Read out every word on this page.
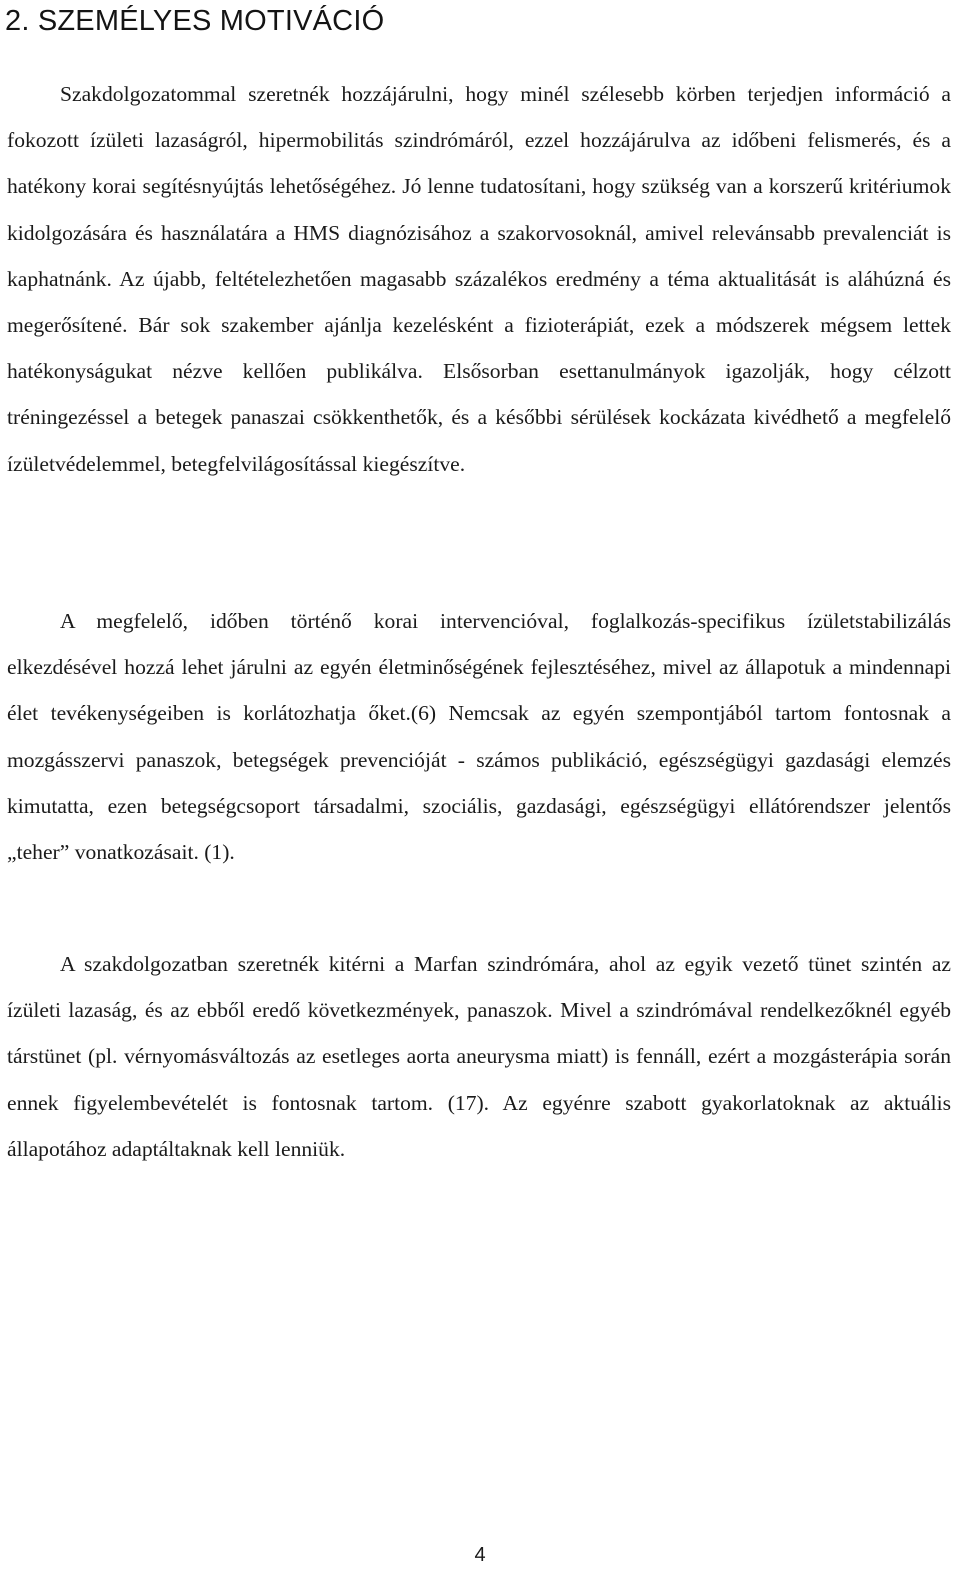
2. SZEMÉLYES MOTIVÁCIÓ

Szakdolgozatommal szeretnék hozzájárulni, hogy minél szélesebb körben terjedjen információ a fokozott ízületi lazaságról, hipermobilitás szindrómáról, ezzel hozzájárulva az időbeni felismerés, és a hatékony korai segítésnyújtás lehetőségéhez. Jó lenne tudatosítani, hogy szükség van a korszerű kritériumok kidolgozására és használatára a HMS diagnózisához a szakorvosoknál, amivel relevánsabb prevalenciát is kaphatnánk. Az újabb, feltételezhetően magasabb százalékos eredmény a téma aktualitását is aláhúzná és megerősítené. Bár sok szakember ajánlja kezelésként a fizioterápiát, ezek a módszerek mégsem lettek hatékonyságukat nézve kellően publikálva. Elsősorban esettanulmányok igazolják, hogy célzott tréningezéssel a betegek panaszai csökkenthetők, és a későbbi sérülések kockázata kivédhető a megfelelő ízületvédelemmel, betegfelvilágosítással kiegészítve.

A megfelelő, időben történő korai intervencióval, foglalkozás-specifikus ízületstabilizálás elkezdésével hozzá lehet járulni az egyén életminőségének fejlesztéséhez, mivel az állapotuk a mindennapi élet tevékenységeiben is korlátozhatja őket.(6) Nemcsak az egyén szempontjából tartom fontosnak a mozgásszervi panaszok, betegségek prevencióját - számos publikáció, egészségügyi gazdasági elemzés kimutatta, ezen betegségcsoport társadalmi, szociális, gazdasági, egészségügyi ellátórendszer jelentős „teher” vonatkozásait. (1).

A szakdolgozatban szeretnék kitérni a Marfan szindrómára, ahol az egyik vezető tünet szintén az ízületi lazaság, és az ebből eredő következmények, panaszok. Mivel a szindrómával rendelkezőknél egyéb társtünet (pl. vérnyomásváltozás az esetleges aorta aneurysma miatt) is fennáll, ezért a mozgásterápia során ennek figyelembevételét is fontosnak tartom. (17). Az egyénre szabott gyakorlatoknak az aktuális állapotához adaptáltaknak kell lenniük.

4
